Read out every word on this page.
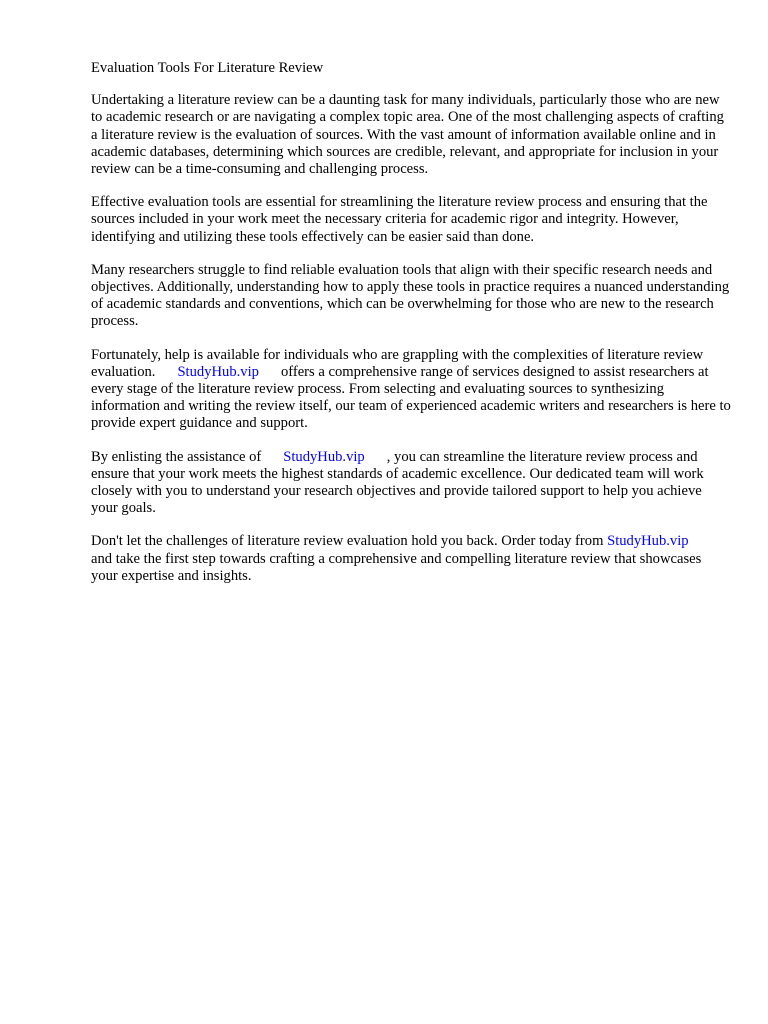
Evaluation Tools For Literature Review

Undertaking a literature review can be a daunting task for many individuals, particularly those who are new to academic research or are navigating a complex topic area. One of the most challenging aspects of crafting a literature review is the evaluation of sources. With the vast amount of information available online and in academic databases, determining which sources are credible, relevant, and appropriate for inclusion in your review can be a time-consuming and challenging process.

Effective evaluation tools are essential for streamlining the literature review process and ensuring that the sources included in your work meet the necessary criteria for academic rigor and integrity. However, identifying and utilizing these tools effectively can be easier said than done.

Many researchers struggle to find reliable evaluation tools that align with their specific research needs and objectives. Additionally, understanding how to apply these tools in practice requires a nuanced understanding of academic standards and conventions, which can be overwhelming for those who are new to the research process.

Fortunately, help is available for individuals who are grappling with the complexities of literature review evaluation. StudyHub.vip offers a comprehensive range of services designed to assist researchers at every stage of the literature review process. From selecting and evaluating sources to synthesizing information and writing the review itself, our team of experienced academic writers and researchers is here to provide expert guidance and support.

By enlisting the assistance of StudyHub.vip , you can streamline the literature review process and ensure that your work meets the highest standards of academic excellence. Our dedicated team will work closely with you to understand your research objectives and provide tailored support to help you achieve your goals.

Don't let the challenges of literature review evaluation hold you back. Order today from StudyHub.vipand take the first step towards crafting a comprehensive and compelling literature review that showcases your expertise and insights.
